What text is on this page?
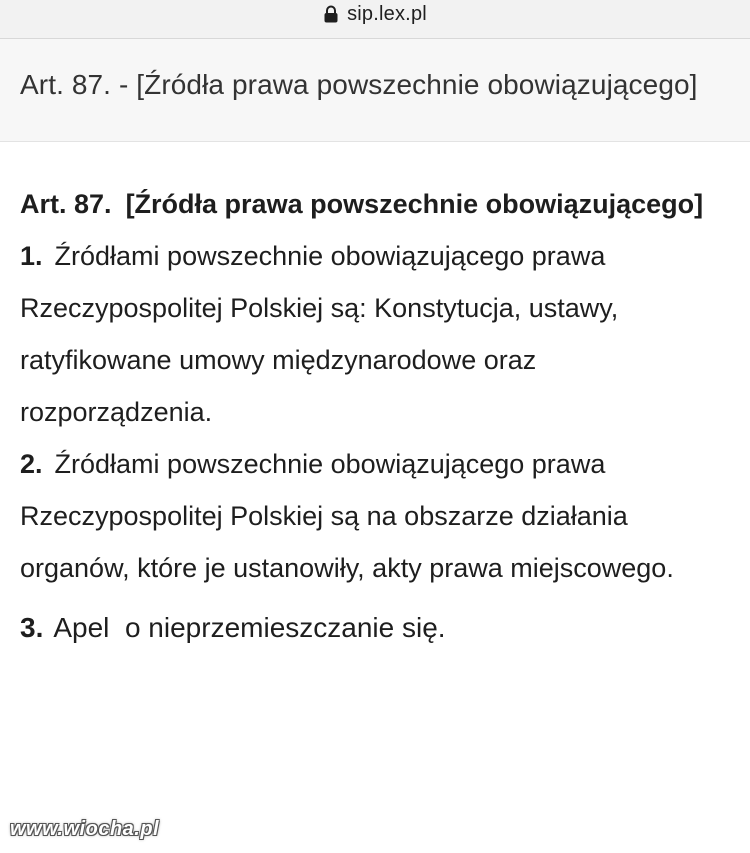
sip.lex.pl
Art. 87. - [Źródła prawa powszechnie obowiązującego]

Art. 87. [Źródła prawa powszechnie obowiązującego]

1. Źródłami powszechnie obowiązującego prawa Rzeczypospolitej Polskiej są: Konstytucja, ustawy, ratyfikowane umowy międzynarodowe oraz rozporządzenia.

2. Źródłami powszechnie obowiązującego prawa Rzeczypospolitej Polskiej są na obszarze działania organów, które je ustanowiły, akty prawa miejscowego.

3. Apel  o nieprzemieszczanie się.

www.wiocha.pl
